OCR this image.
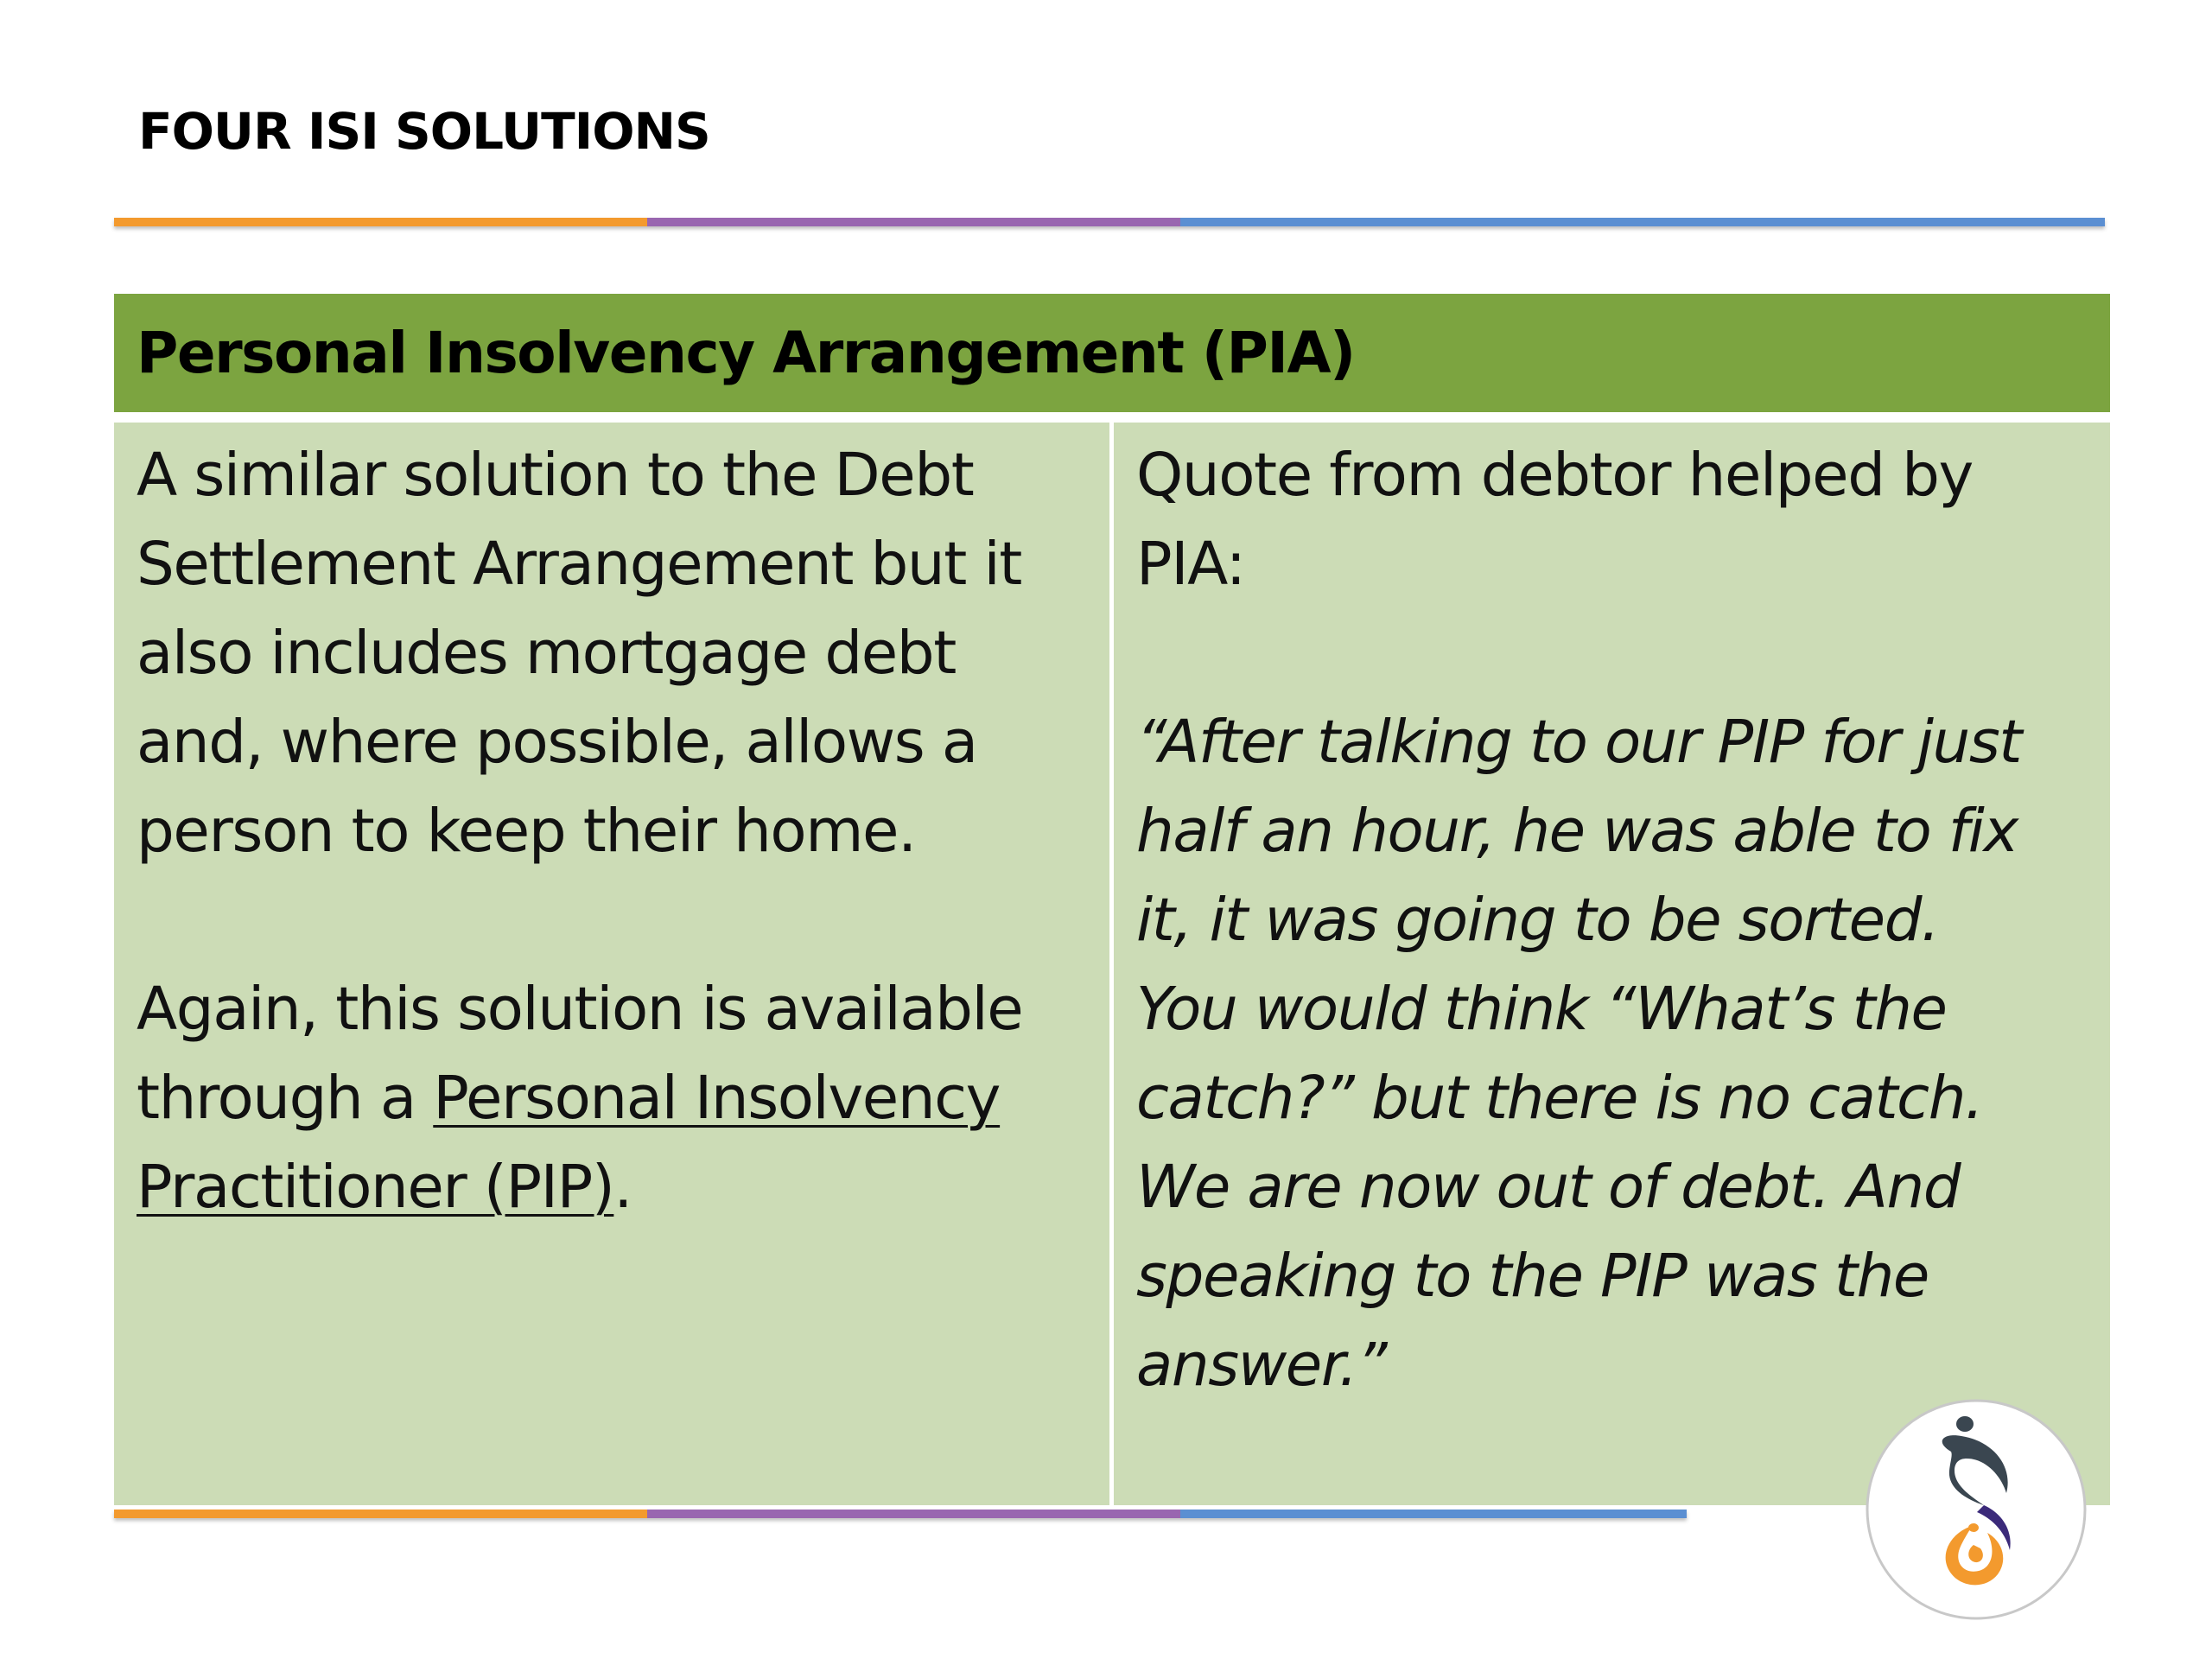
FOUR ISI SOLUTIONS
Personal Insolvency Arrangement (PIA)

A similar solution to the Debt

Settlement Arrangement but it

also includes mortgage debt

and, where possible, allows a

person to keep their home.

Again, this solution is available

through a Personal Insolvency

Practitioner (PIP).

Quote from debtor helped by

PIA:

“After talking to our PIP for just

half an hour, he was able to fix

it, it was going to be sorted.

You would think “What’s the

catch?” but there is no catch.

We are now out of debt. And

speaking to the PIP was the

answer.”
